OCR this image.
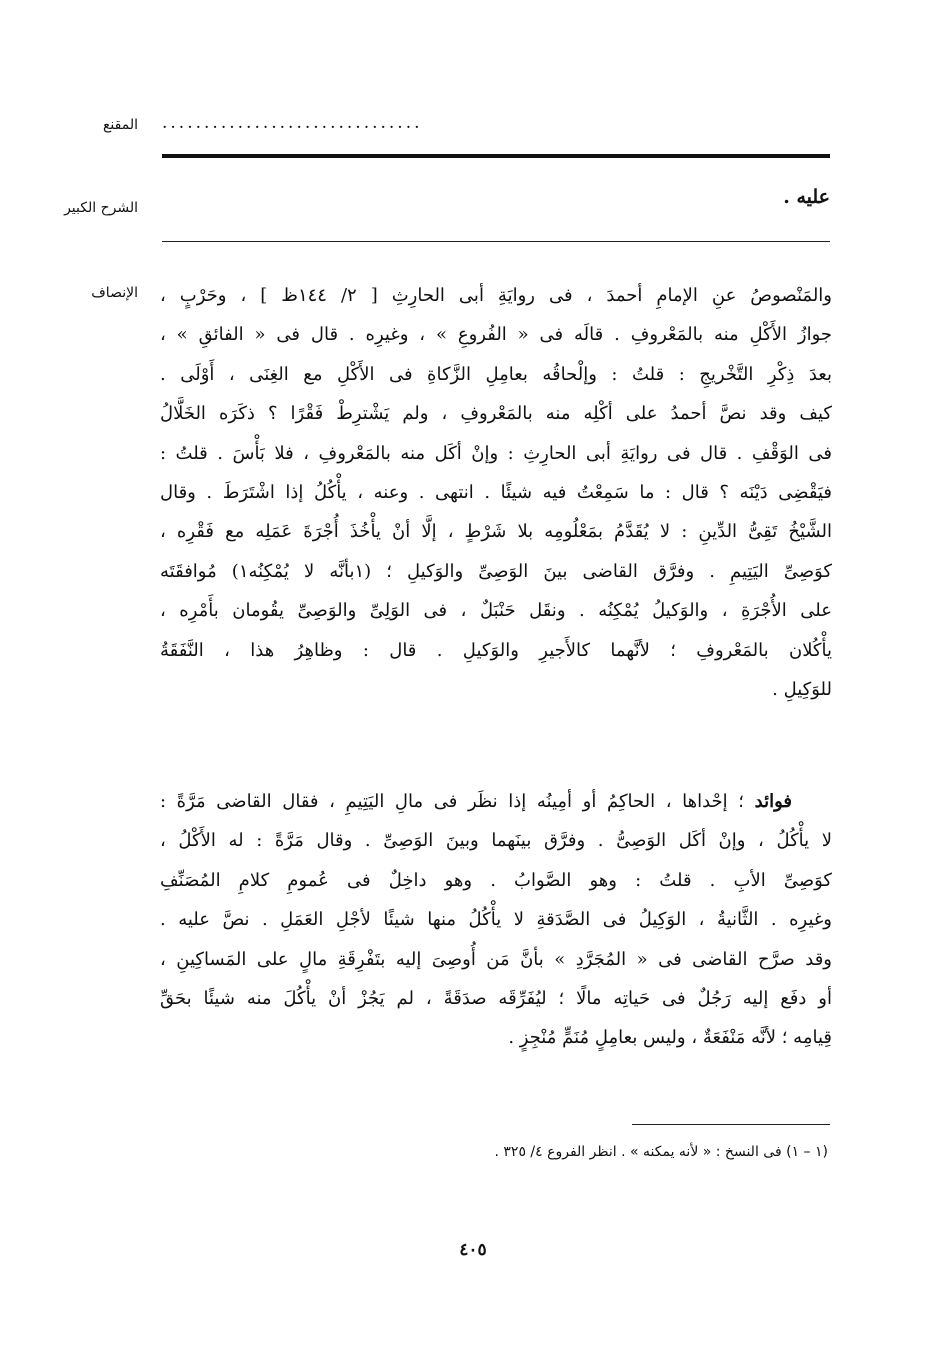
المقنع ...............................
الشرح الكبير	عليه .
الإنصاف والمَنْصوصُ عنِ الإمامِ أحمدَ ، فى روايَةِ أبى الحارِثِ [ ٢/ ١٤٤ظ ] ، وحَرْبٍ ،
جوازُ الأَكْلِ منه بالمَعْروفِ . قالَه فى « الفُروعِ » ، وغيرِه . قال فى « الفائقِ » ،
بعدَ ذِكْرِ التَّخْريجِ : قلتُ : وإلْحاقُه بعامِلِ الزَّكاةِ فى الأَكْلِ مع الغِنَى ، أَوْلَى .
كيف وقد نصَّ أحمدُ على أكْلِه منه بالمَعْروفِ ، ولم يَشْترِطْ فَقْرًا ؟ ذكَرَه الخَلَّالُ
فى الوَقْفِ . قال فى روايَةِ أبى الحارِثِ : وإنْ أكَل منه بالمَعْروفِ ، فلا بَأْسَ . قلتُ :
فيَقْضِى دَيْنَه ؟ قال : ما سَمِعْتُ فيه شيئًا . انتهى . وعنه ، يأْكُلُ إذا اشْتَرَطَ . وقال
الشَّيْخُ تَقِىُّ الدِّينِ : لا يُقَدَّمُ بمَعْلُومِه بلا شَرْطٍ ، إلَّا أنْ يأْخُذَ أُجْرَةَ عَمَلِه مع فَقْرِه ،
كوَصِىِّ اليَتِيمِ . وفرَّق القاضى بينَ الوَصِىِّ والوَكيلِ ؛ (١بأنَّه لا يُمْكِنُه١) مُوافقَتَه
على الأُجْرَةِ ، والوَكيلُ يُمْكِنُه . ونقَل حَنْبَلٌ ، فى الوَلِىِّ والوَصِىِّ يقُومان بأَمْرِه ،
يأْكُلان بالمَعْروفِ ؛ لأنَّهما كالأَجيرِ والوَكيلِ . قال : وظاهِرُ هذا ، النَّفَقَةُ
للوَكِيلِ .
فوائد ؛ إحْداها ، الحاكِمُ أو أمِينُه إذا نظَر فى مالِ اليَتِيمِ ، فقال القاضى مَرَّةً :
لا يأْكُلُ ، وإنْ أكَل الوَصِىُّ . وفرَّق بينَهما وبينَ الوَصِىِّ . وقال مَرَّةً : له الأَكْلُ ،
كوَصِىِّ الأبِ . قلتُ : وهو الصَّوابُ . وهو داخِلٌ فى عُمومِ كلامِ المُصَنِّفِ
وغيرِه . الثَّانيةُ ، الوَكِيلُ فى الصَّدَقةِ لا يأْكُلُ منها شيئًا لأجْلِ العَمَلِ . نصَّ عليه .
وقد صرَّح القاضى فى « المُجَرَّدِ » بأنَّ مَن أُوصِىَ إليه بتَفْرِقَةِ مالٍ على المَساكِينِ ،
أو دفَع إليه رَجُلٌ فى حَياتِه مالًا ؛ ليُفَرِّقَه صدَقَةً ، لم يَجُزْ أنْ يأْكُلَ منه شيئًا بحَقِّ
قِيامِه ؛ لأنَّه مَنْفَعَةٌ ، وليس بعامِلٍ مُنَمٍّ مُنْجِزٍ .
(١ – ١) فى النسخ : « لأنه يمكنه » . انظر الفروع ٤/ ٣٢٥ .
٤٠٥
